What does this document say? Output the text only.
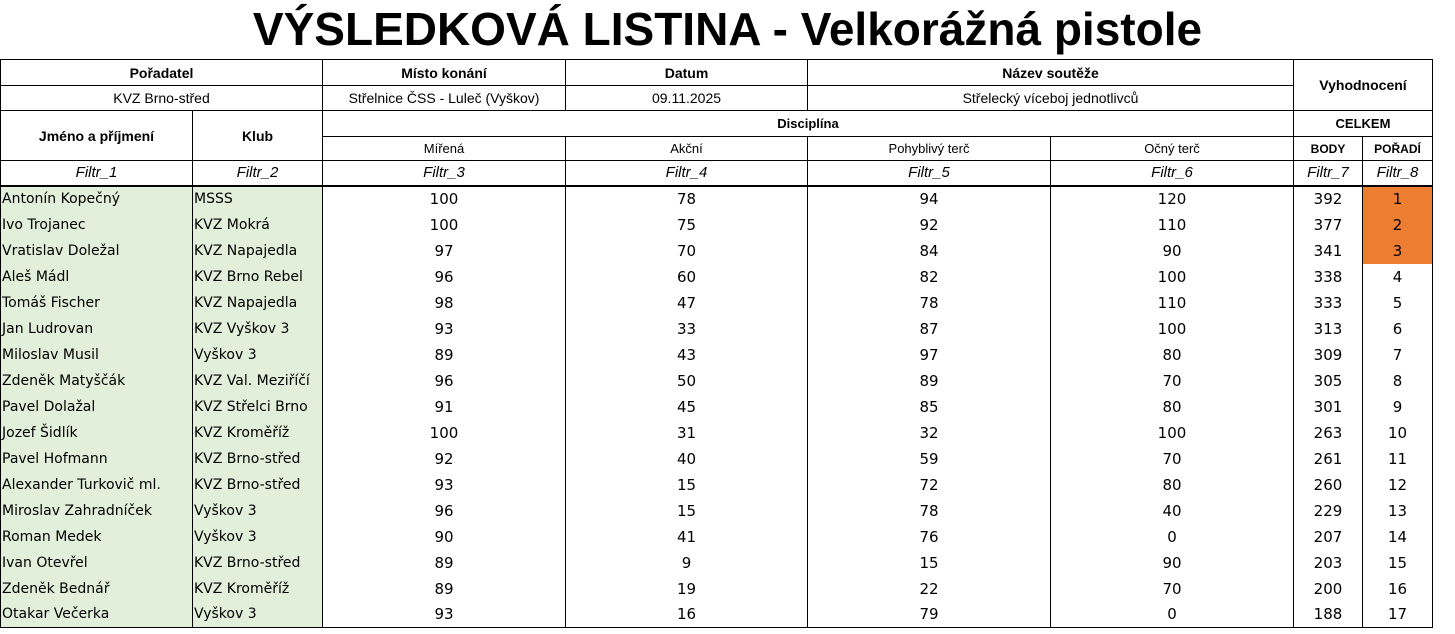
VÝSLEDKOVÁ LISTINA - Velkorážná pistole
Pořadatel		Místo konání	Datum	Název soutěže		Vyhodnocení	
KVZ Brno-střed		Střelnice ČSS - Luleč (Vyškov)	09.11.2025	Střelecký víceboj jednotlivců			
Jméno a příjmení	Klub	Disciplína				CELKEM	
		Mířená	Akční	Pohyblivý terč	Očný terč	BODY	POŘADÍ
Filtr_1	Filtr_2	Filtr_3	Filtr_4	Filtr_5	Filtr_6	Filtr_7	Filtr_8
Antonín Kopečný	MSSS	100	78	94	120	392	1
Ivo Trojanec	KVZ Mokrá	100	75	92	110	377	2
Vratislav Doležal	KVZ Napajedla	97	70	84	90	341	3
Aleš Mádl	KVZ Brno Rebel	96	60	82	100	338	4
Tomáš Fischer	KVZ Napajedla	98	47	78	110	333	5
Jan Ludrovan	KVZ Vyškov 3	93	33	87	100	313	6
Miloslav Musil	Vyškov 3	89	43	97	80	309	7
Zdeněk Matyščák	KVZ Val. Meziříčí	96	50	89	70	305	8
Pavel Dolažal	KVZ Střelci Brno	91	45	85	80	301	9
Jozef Šidlík	KVZ Kroměříž	100	31	32	100	263	10
Pavel Hofmann	KVZ Brno-střed	92	40	59	70	261	11
Alexander Turkovič ml.	KVZ Brno-střed	93	15	72	80	260	12
Miroslav Zahradníček	Vyškov 3	96	15	78	40	229	13
Roman Medek	Vyškov 3	90	41	76	0	207	14
Ivan Otevřel	KVZ Brno-střed	89	9	15	90	203	15
Zdeněk Bednář	KVZ Kroměříž	89	19	22	70	200	16
Otakar Večerka	Vyškov 3	93	16	79	0	188	17
